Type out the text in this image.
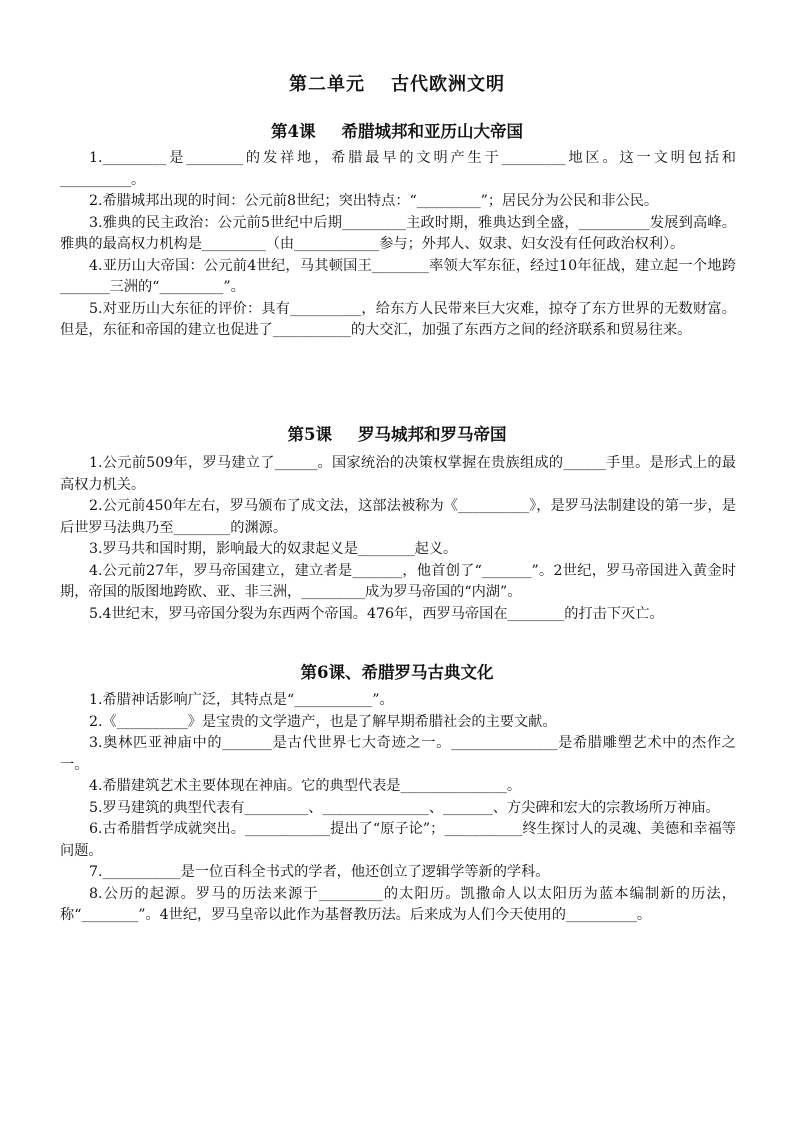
第二单元 古代欧洲文明
第4课 希腊城邦和亚历山大帝国

1._________是________的发祥地，希腊最早的文明产生于_________地区。这一文明包括和__________。

2.希腊城邦出现的时间：公元前8世纪；突出特点：“_________”；居民分为公民和非公民。

3.雅典的民主政治：公元前5世纪中后期_________主政时期，雅典达到全盛，__________发展到高峰。雅典的最高权力机构是_________（由____________参与；外邦人、奴隶、妇女没有任何政治权利）。

4.亚历山大帝国：公元前4世纪，马其顿国王________率领大军东征，经过10年征战，建立起一个地跨_______三洲的“_________”。

5.对亚历山大东征的评价：具有__________，给东方人民带来巨大灾难，掠夺了东方世界的无数财富。但是，东征和帝国的建立也促进了___________的大交汇，加强了东西方之间的经济联系和贸易往来。

第5课 罗马城邦和罗马帝国

1.公元前509年，罗马建立了______。国家统治的决策权掌握在贵族组成的______手里。是形式上的最高权力机关。

2.公元前450年左右，罗马颁布了成文法，这部法被称为《__________》，是罗马法制建设的第一步，是后世罗马法典乃至________的渊源。

3.罗马共和国时期，影响最大的奴隶起义是________起义。

4.公元前27年，罗马帝国建立，建立者是_______，他首创了“_______”。2世纪，罗马帝国进入黄金时期，帝国的版图地跨欧、亚、非三洲，_________成为罗马帝国的“内湖”。

5.4世纪末，罗马帝国分裂为东西两个帝国。476年，西罗马帝国在________的打击下灭亡。

第6课、希腊罗马古典文化

1.希腊神话影响广泛，其特点是“___________”。

2.《__________》是宝贵的文学遗产，也是了解早期希腊社会的主要文献。

3.奥林匹亚神庙中的_______是古代世界七大奇迹之一。_______________是希腊雕塑艺术中的杰作之一。

4.希腊建筑艺术主要体现在神庙。它的典型代表是_______________。

5.罗马建筑的典型代表有_________、_______________、_______、方尖碑和宏大的宗教场所万神庙。

6.古希腊哲学成就突出。____________提出了“原子论”；___________终生探讨人的灵魂、美德和幸福等问题。

7.___________是一位百科全书式的学者，他还创立了逻辑学等新的学科。

8.公历的起源。罗马的历法来源于_________的太阳历。凯撒命人以太阳历为蓝本编制新的历法，称“________”。4世纪，罗马皇帝以此作为基督教历法。后来成为人们今天使用的__________。
